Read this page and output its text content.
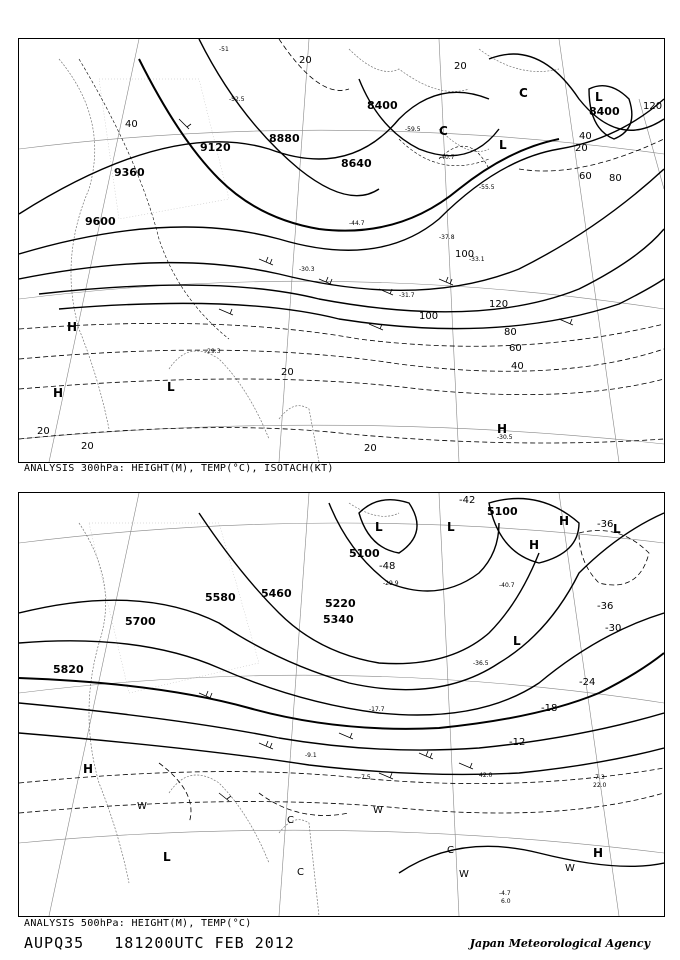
9120
8880
8640
8400	8400
9360
9600
100
120
100
80
60
40
20
20
20
20
40
20
60 80
120
20
20
40
H
H
H
L
L
L
C
C
-51
-52.5
-59.5
-40.7
-55.5
-44.7
-37.8
-31.7
-30.3
-33.1
-29.3
-30.5
ANALYSIS 300hPa: HEIGHT(M), TEMP(°C), ISOTACH(KT)
5100
5100
5220
5340
5460
5580
5700
5820
-42
-36
-36
-30
-24
-18
-12
-48
L	L	L
L
L
H
H
H
H
C
C
C
W	W
W
W
-40.7
-36.5
-29.9
-17.7
-9.1
-7.5	-7.3
-4.7
6.0
42.0
22.0
ANALYSIS 500hPa: HEIGHT(M), TEMP(°C)
AUPQ35 181200UTC FEB 2012	Japan Meteorological Agency
